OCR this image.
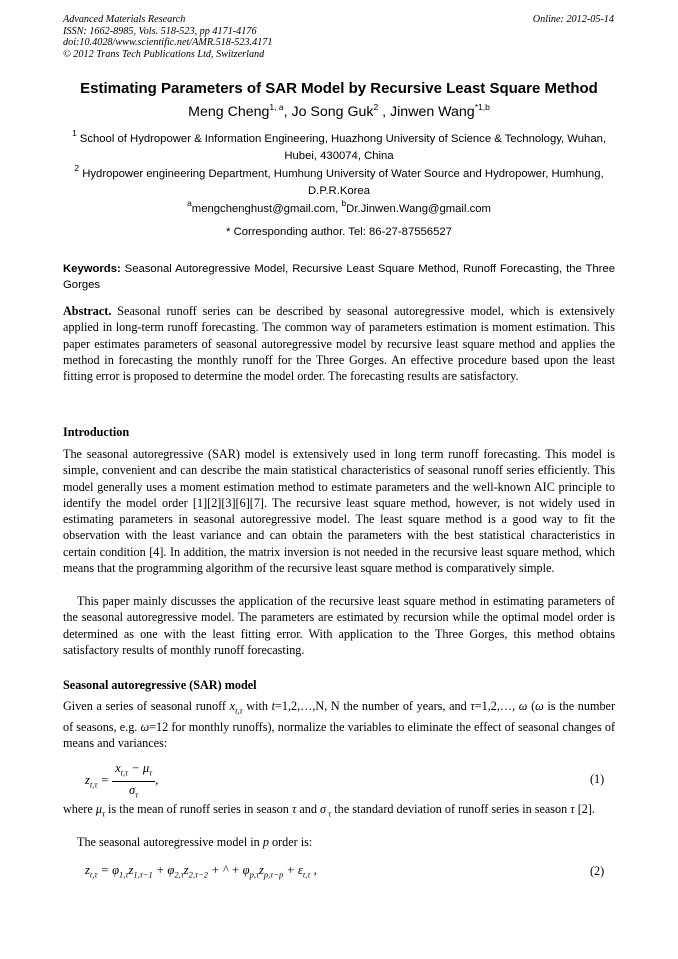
Advanced Materials Research
ISSN: 1662-8985, Vols. 518-523, pp 4171-4176
doi:10.4028/www.scientific.net/AMR.518-523.4171
© 2012 Trans Tech Publications Ltd, Switzerland
Online: 2012-05-14
Estimating Parameters of SAR Model by Recursive Least Square Method
Meng Cheng$^{1, a}$, Jo Song Guk$^2$ , Jinwen Wang$^{*1,b}$
$^1$ School of Hydropower & Information Engineering, Huazhong University of Science & Technology, Wuhan, Hubei, 430074, China
$^2$ Hydropower engineering Department, Humhung University of Water Source and Hydropower, Humhung, D.P.R.Korea
$^a$mengchenghust@gmail.com, $^b$Dr.Jinwen.Wang@gmail.com
* Corresponding author. Tel: 86-27-87556527
Keywords: Seasonal Autoregressive Model, Recursive Least Square Method, Runoff Forecasting, the Three Gorges
Abstract. Seasonal runoff series can be described by seasonal autoregressive model, which is extensively applied in long-term runoff forecasting. The common way of parameters estimation is moment estimation. This paper estimates parameters of seasonal autoregressive model by recursive least square method and applies the method in forecasting the monthly runoff for the Three Gorges. An effective procedure based upon the least fitting error is proposed to determine the model order. The forecasting results are satisfactory.
Introduction
The seasonal autoregressive (SAR) model is extensively used in long term runoff forecasting. This model is simple, convenient and can describe the main statistical characteristics of seasonal runoff series efficiently. This model generally uses a moment estimation method to estimate parameters and the well-known AIC principle to identify the model order [1][2][3][6][7]. The recursive least square method, however, is not widely used in estimating parameters in seasonal autoregressive model. The least square method is a good way to fit the observation with the least variance and can obtain the parameters with the best statistical characteristics in certain condition [4]. In addition, the matrix inversion is not needed in the recursive least square method, which means that the programming algorithm of the recursive least square method is comparatively simple.
This paper mainly discusses the application of the recursive least square method in estimating parameters of the seasonal autoregressive model. The parameters are estimated by recursion while the optimal model order is determined as one with the least fitting error. With application to the Three Gorges, this method obtains satisfactory results of monthly runoff forecasting.
Seasonal autoregressive (SAR) model
Given a series of seasonal runoff $x_{t,\tau}$ with t=1,2,…,N, N the number of years, and τ=1,2,…, ω (ω is the number of seasons, e.g. ω=12 for monthly runoffs), normalize the variables to eliminate the effect of seasonal changes of means and variances:
$z_{t,\tau} = \frac{x_{t,\tau} - \mu_\tau}{\sigma_\tau}$ ,	(1)
where $\mu_\tau$ is the mean of runoff series in season τ and σ $_\tau$ the standard deviation of runoff series in season τ [2].
The seasonal autoregressive model in p order is:
$z_{t,\tau} = \varphi_{1,\tau}z_{1,\tau-1} + \varphi_{2,\tau}z_{2,\tau-2}$ + ^ + $\varphi_{p,\tau}z_{p,\tau-p} + \varepsilon_{t,\tau}$ ,	(2)
